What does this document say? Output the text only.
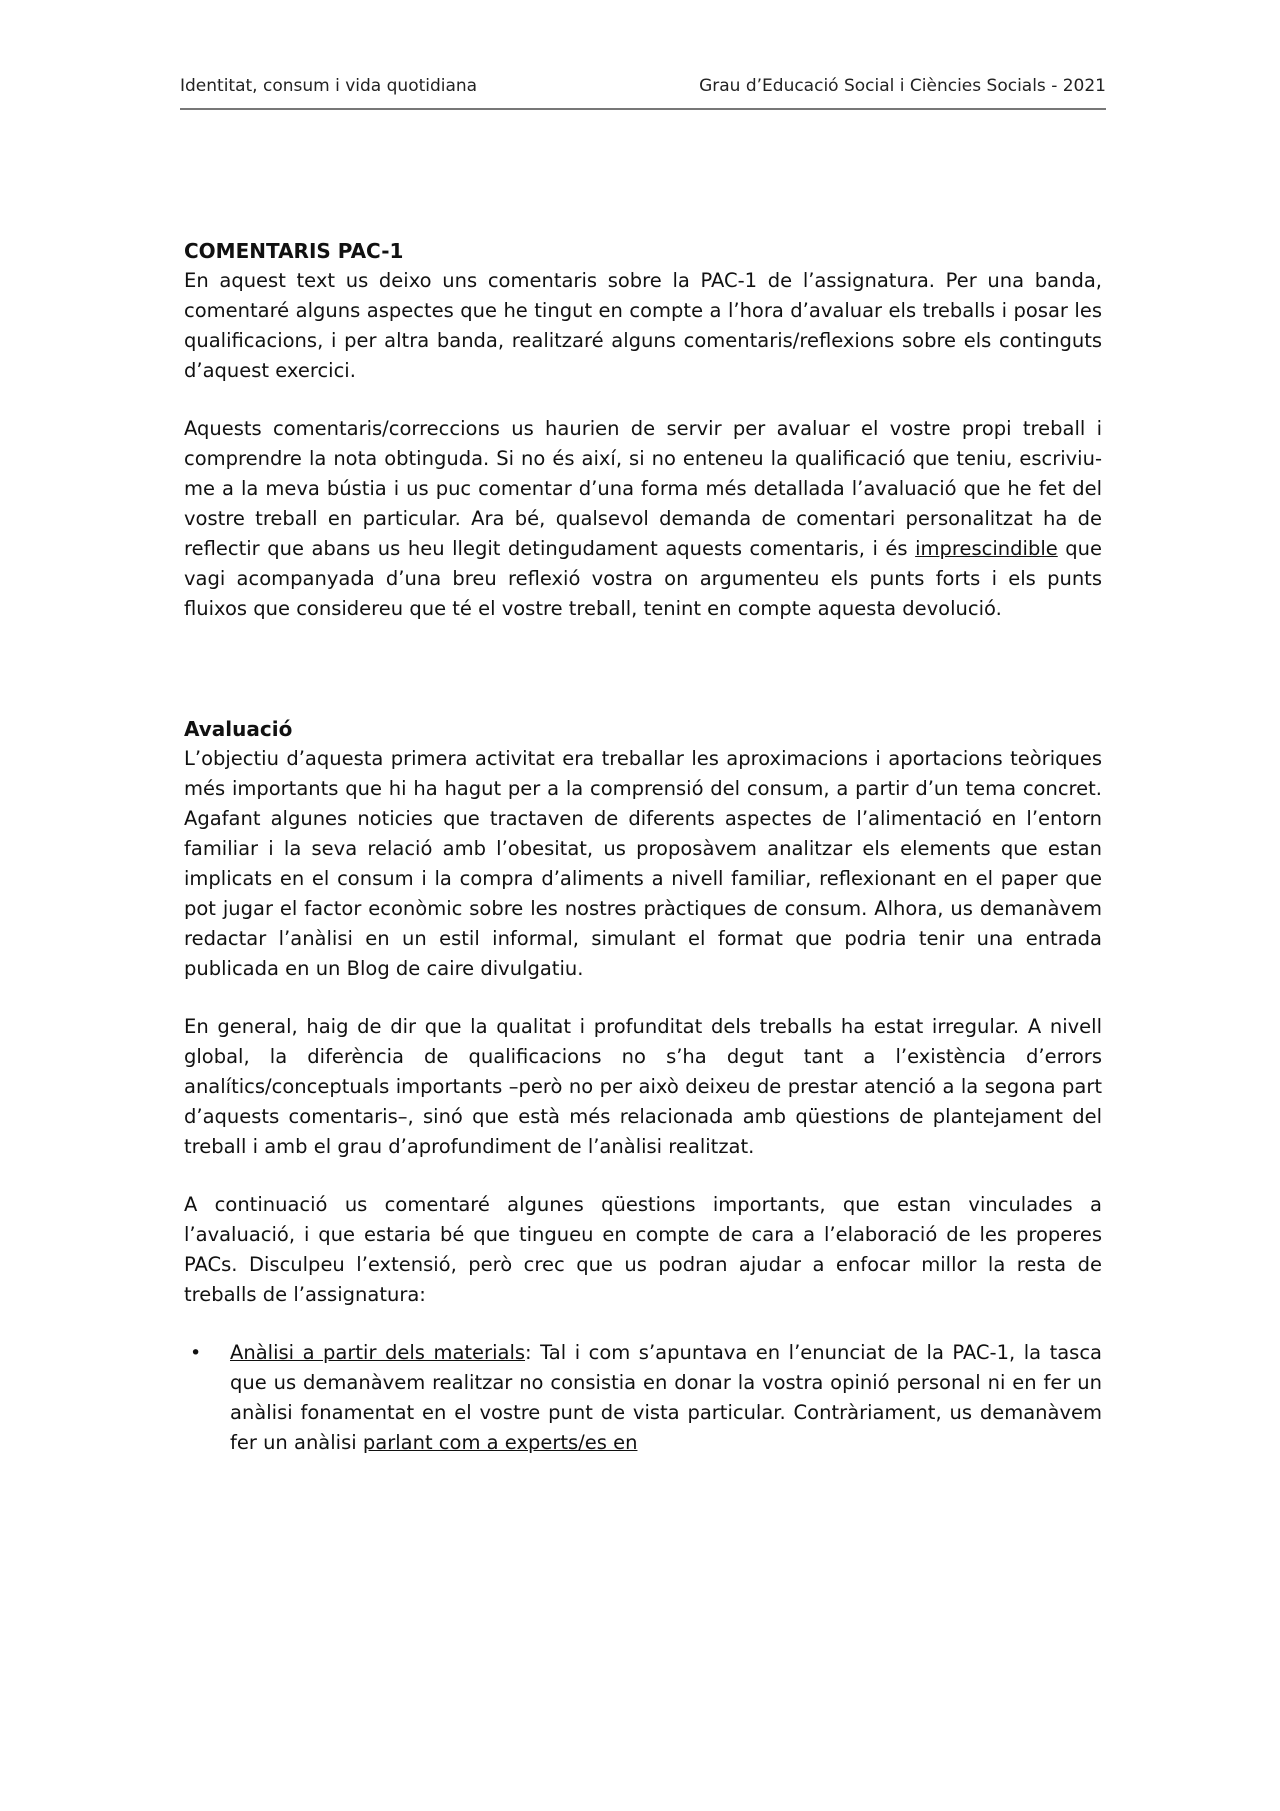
Identitat, consum i vida quotidiana	Grau d’Educació Social i Ciències Socials - 2021
COMENTARIS PAC-1

En aquest text us deixo uns comentaris sobre la PAC-1 de l’assignatura. Per una banda, comentaré alguns aspectes que he tingut en compte a l’hora d’avaluar els treballs i posar les qualificacions, i per altra banda, realitzaré alguns comentaris/reflexions sobre els continguts d’aquest exercici.

Aquests comentaris/correccions us haurien de servir per avaluar el vostre propi treball i comprendre la nota obtinguda. Si no és així, si no enteneu la qualificació que teniu, escriviu-me a la meva bústia i us puc comentar d’una forma més detallada l’avaluació que he fet del vostre treball en particular. Ara bé, qualsevol demanda de comentari personalitzat ha de reflectir que abans us heu llegit detingudament aquests comentaris, i és imprescindible que vagi acompanyada d’una breu reflexió vostra on argumenteu els punts forts i els punts fluixos que considereu que té el vostre treball, tenint en compte aquesta devolució.

Avaluació

L’objectiu d’aquesta primera activitat era treballar les aproximacions i aportacions teòriques més importants que hi ha hagut per a la comprensió del consum, a partir d’un tema concret. Agafant algunes noticies que tractaven de diferents aspectes de l’alimentació en l’entorn familiar i la seva relació amb l’obesitat, us proposàvem analitzar els elements que estan implicats en el consum i la compra d’aliments a nivell familiar, reflexionant en el paper que pot jugar el factor econòmic sobre les nostres pràctiques de consum. Alhora, us demanàvem redactar l’anàlisi en un estil informal, simulant el format que podria tenir una entrada publicada en un Blog de caire divulgatiu.

En general, haig de dir que la qualitat i profunditat dels treballs ha estat irregular. A nivell global, la diferència de qualificacions no s’ha degut tant a l’existència d’errors analítics/conceptuals importants –però no per això deixeu de prestar atenció a la segona part d’aquests comentaris–, sinó que està més relacionada amb qüestions de plantejament del treball i amb el grau d’aprofundiment de l’anàlisi realitzat.

A continuació us comentaré algunes qüestions importants, que estan vinculades a l’avaluació, i que estaria bé que tingueu en compte de cara a l’elaboració de les properes PACs. Disculpeu l’extensió, però crec que us podran ajudar a enfocar millor la resta de treballs de l’assignatura:

• Anàlisi a partir dels materials: Tal i com s’apuntava en l’enunciat de la PAC-1, la tasca que us demanàvem realitzar no consistia en donar la vostra opinió personal ni en fer un anàlisi fonamentat en el vostre punt de vista particular. Contràriament, us demanàvem fer un anàlisi parlant com a experts/es en
